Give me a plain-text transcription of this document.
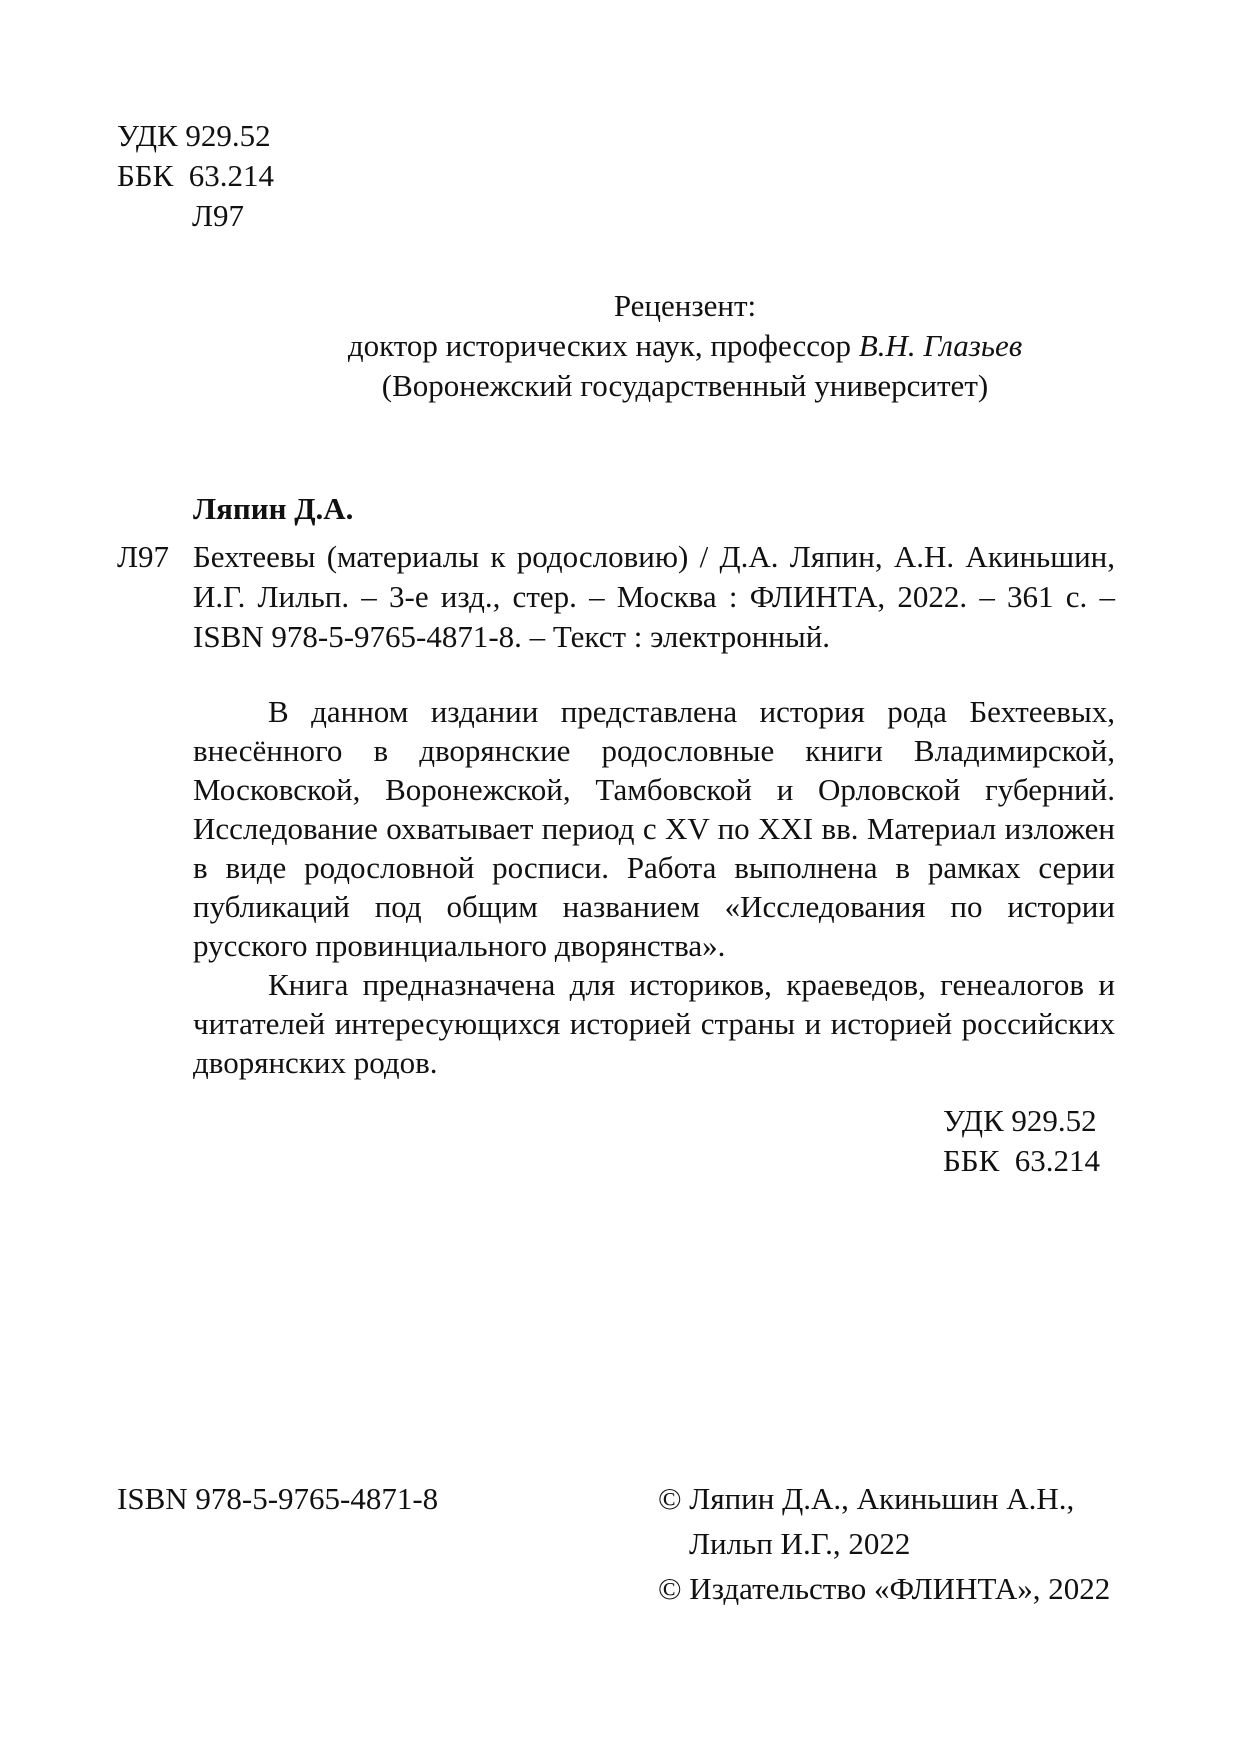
УДК 929.52
ББК  63.214
Л97
Рецензент:
доктор исторических наук, профессор В.Н. Глазьев
(Воронежский государственный университет)
Ляпин Д.А.
Л97 Бехтеевы (материалы к родословию) / Д.А. Ляпин, А.Н. Акиньшин, И.Г. Лильп. – 3-е изд., стер. – Москва : ФЛИНТА, 2022. – 361 с. – ISBN 978-5-9765-4871-8. – Текст : электронный.

В данном издании представлена история рода Бехтеевых, внесённого в дворянские родословные книги Владимирской, Московской, Воронежской, Тамбовской и Орловской губерний. Исследование охватывает период с XV по XXI вв. Материал изложен в виде родословной росписи. Работа выполнена в рамках серии публикаций под общим названием «Исследования по истории русского провинциального дворянства».

Книга предназначена для историков, краеведов, генеалогов и читателей интересующихся историей страны и историей российских дворянских родов.

УДК 929.52
ББК  63.214
ISBN 978-5-9765-4871-8	© Ляпин Д.А., Акиньшин А.Н.,
Лильп И.Г., 2022
© Издательство «ФЛИНТА», 2022
